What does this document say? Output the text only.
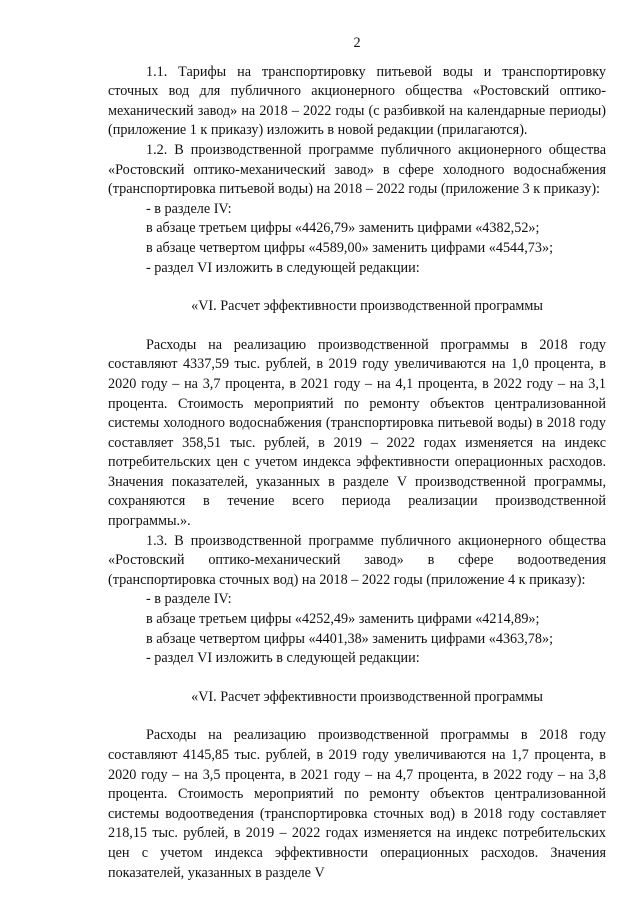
2

1.1. Тарифы на транспортировку питьевой воды и транспортировку сточных вод для публичного акционерного общества «Ростовский оптико-механический завод» на 2018 – 2022 годы (с разбивкой на календарные периоды) (приложение 1 к приказу) изложить в новой редакции (прилагаются).

1.2. В производственной программе публичного акционерного общества «Ростовский оптико-механический завод» в сфере холодного водоснабжения (транспортировка питьевой воды) на 2018 – 2022 годы (приложение 3 к приказу):

- в разделе IV:

в абзаце третьем цифры «4426,79» заменить цифрами «4382,52»;

в абзаце четвертом цифры «4589,00» заменить цифрами «4544,73»;

- раздел VI изложить в следующей редакции:

«VI. Расчет эффективности производственной программы

Расходы на реализацию производственной программы в 2018 году составляют 4337,59 тыс. рублей, в 2019 году увеличиваются на 1,0 процента, в 2020 году – на 3,7 процента, в 2021 году – на 4,1 процента, в 2022 году – на 3,1 процента. Стоимость мероприятий по ремонту объектов централизованной системы холодного водоснабжения (транспортировка питьевой воды) в 2018 году составляет 358,51 тыс. рублей, в 2019 – 2022 годах изменяется на индекс потребительских цен с учетом индекса эффективности операционных расходов. Значения показателей, указанных в разделе V производственной программы, сохраняются в течение всего периода реализации производственной программы.».

1.3. В производственной программе публичного акционерного общества «Ростовский оптико-механический завод» в сфере водоотведения (транспортировка сточных вод) на 2018 – 2022 годы (приложение 4 к приказу):

- в разделе IV:

в абзаце третьем цифры «4252,49» заменить цифрами «4214,89»;

в абзаце четвертом цифры «4401,38» заменить цифрами «4363,78»;

- раздел VI изложить в следующей редакции:

«VI. Расчет эффективности производственной программы

Расходы на реализацию производственной программы в 2018 году составляют 4145,85 тыс. рублей, в 2019 году увеличиваются на 1,7 процента, в 2020 году – на 3,5 процента, в 2021 году – на 4,7 процента, в 2022 году – на 3,8 процента. Стоимость мероприятий по ремонту объектов централизованной системы водоотведения (транспортировка сточных вод) в 2018 году составляет 218,15 тыс. рублей, в 2019 – 2022 годах изменяется на индекс потребительских цен с учетом индекса эффективности операционных расходов. Значения показателей, указанных в разделе V
